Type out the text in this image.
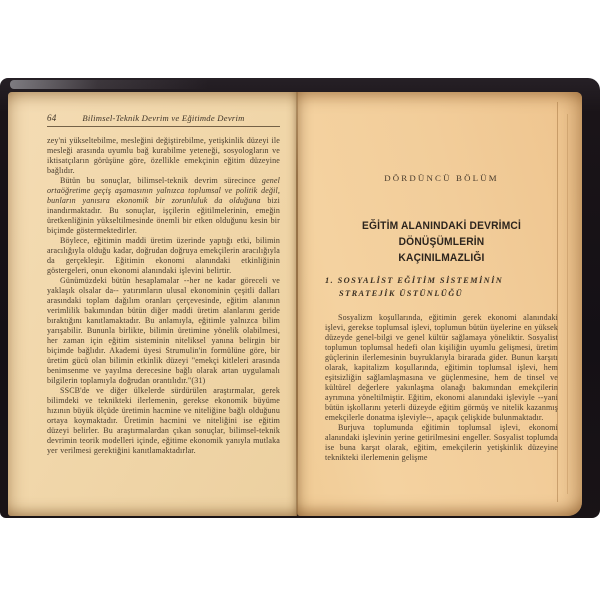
64	Bilimsel-Teknik Devrim ve Eğitimde Devrim

zey'ni yükseltebilme, mesleğini değiştirebilme, yetişkinlik düzeyi ile mesleği arasında uyumlu bağ kurabilme yeteneği, sosyologların ve iktisatçıların görüşüne göre, özellikle emekçinin eğitim düzeyine bağlıdır.

Bütün bu sonuçlar, bilimsel-teknik devrim sürecince genel ortaöğretime geçiş aşamasının yalnızca toplumsal ve politik değil, bunların yanısıra ekonomik bir zorunluluk da olduğuna bizi inandırmaktadır. Bu sonuçlar, işçilerin eğitilmelerinin, emeğin üretkenliğinin yükseltilmesinde önemli bir etken olduğunu kesin bir biçimde göstermektedirler.

Böylece, eğitimin maddi üretim üzerinde yaptığı etki, bilimin aracılığıyla olduğu kadar, doğrudan doğruya emekçilerin aracılığıyla da gerçekleşir. Eğitimin ekonomi alanındaki etkinliğinin göstergeleri, onun ekonomi alanındaki işlevini belirtir.

Günümüzdeki bütün hesaplamalar --her ne kadar göreceli ve yaklaşık olsalar da-- yatırımların ulusal ekonominin çeşitli dalları arasındaki toplam dağılım oranları çerçevesinde, eğitim alanının verimlilik bakımından bütün diğer maddi üretim alanlarını geride bıraktığını kanıtlamaktadır. Bu anlamıyla, eğitimle yalnızca bilim yarışabilir. Bununla birlikte, bilimin üretimine yönelik olabilmesi, her zaman için eğitim sisteminin niteliksel yanına belirgin bir biçimde bağlıdır. Akademi üyesi Strumulin'in formülüne göre, bir üretim gücü olan bilimin etkinlik düzeyi "emekçi kitleleri arasında benimsenme ve yayılma derecesine bağlı olarak artan uygulamalı bilgilerin toplamıyla doğrudan orantılıdır."(31)

SSCB'de ve diğer ülkelerde sürdürülen araştırmalar, gerek bilimdeki ve teknikteki ilerlemenin, gerekse ekonomik büyüme hızının büyük ölçüde üretimin hacmine ve niteliğine bağlı olduğunu ortaya koymaktadır. Üretimin hacmini ve niteliğini ise eğitim düzeyi belirler. Bu araştırmalardan çıkan sonuçlar, bilimsel-teknik devrimin teorik modelleri içinde, eğitime ekonomik yanıyla mutlaka yer verilmesi gerektiğini kanıtlamaktadırlar.

DÖRDÜNCÜ BÖLÜM
EĞİTİM ALANINDAKİ DEVRİMCİ DÖNÜŞÜMLERİN
KAÇINILMAZLIĞI
1. SOSYALİST EĞİTİM SİSTEMİNİN
STRATEJİK ÜSTÜNLÜĞÜ

Sosyalizm koşullarında, eğitimin gerek ekonomi alanındaki işlevi, gerekse toplumsal işlevi, toplumun bütün üyelerine en yüksek düzeyde genel-bilgi ve genel kültür sağlamaya yöneliktir. Sosyalist toplumun toplumsal hedefi olan kişiliğin uyumlu gelişmesi, üretim güçlerinin ilerlemesinin buyruklarıyla birarada gider. Bunun karşıtı olarak, kapitalizm koşullarında, eğitimin toplumsal işlevi, hem eşitsizliğin sağlamlaşmasına ve güçlenmesine, hem de tinsel ve kültürel değerlere yakınlaşma olanağı bakımından emekçilerin ayrımına yöneltilmiştir. Eğitim, ekonomi alanındaki işleviyle --yani bütün işkollarını yeterli düzeyde eğitim görmüş ve nitelik kazanmış emekçilerle donatma işleviyle--, apaçık çelişkide bulunmaktadır.

Burjuva toplumunda eğitimin toplumsal işlevi, ekonomi alanındaki işlevinin yerine getirilmesini engeller. Sosyalist toplumda ise buna karşıt olarak, eğitim, emekçilerin yetişkinlik düzeyine teknikteki ilerlemenin gelişme
